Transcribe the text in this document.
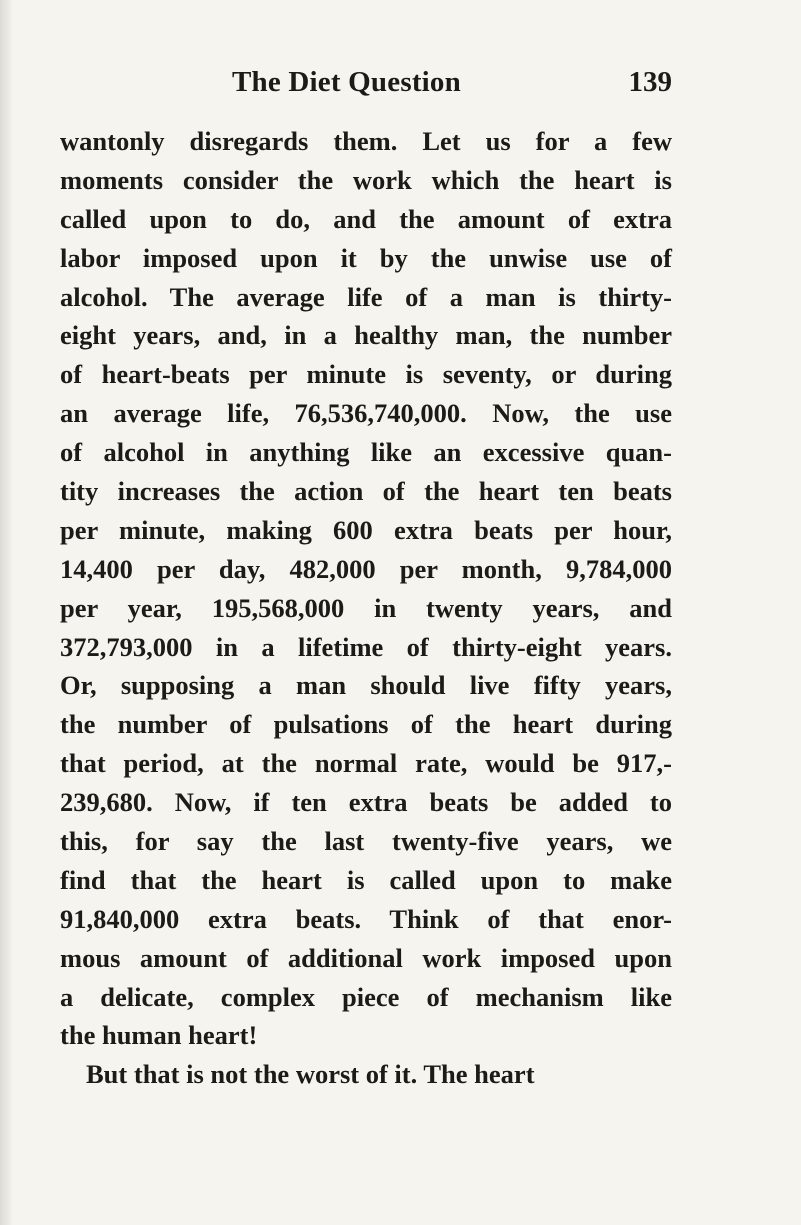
The Diet Question	139
wantonly disregards them. Let us for a few
moments consider the work which the heart is
called upon to do, and the amount of extra
labor imposed upon it by the unwise use of
alcohol. The average life of a man is thirty-
eight years, and, in a healthy man, the number
of heart-beats per minute is seventy, or during
an average life, 76,536,740,000. Now, the use
of alcohol in anything like an excessive quan-
tity increases the action of the heart ten beats
per minute, making 600 extra beats per hour,
14,400 per day, 482,000 per month, 9,784,000
per year, 195,568,000 in twenty years, and
372,793,000 in a lifetime of thirty-eight years.
Or, supposing a man should live fifty years,
the number of pulsations of the heart during
that period, at the normal rate, would be 917,-
239,680. Now, if ten extra beats be added to
this, for say the last twenty-five years, we
find that the heart is called upon to make
91,840,000 extra beats. Think of that enor-
mous amount of additional work imposed upon
a delicate, complex piece of mechanism like
the human heart!
But that is not the worst of it. The heart
